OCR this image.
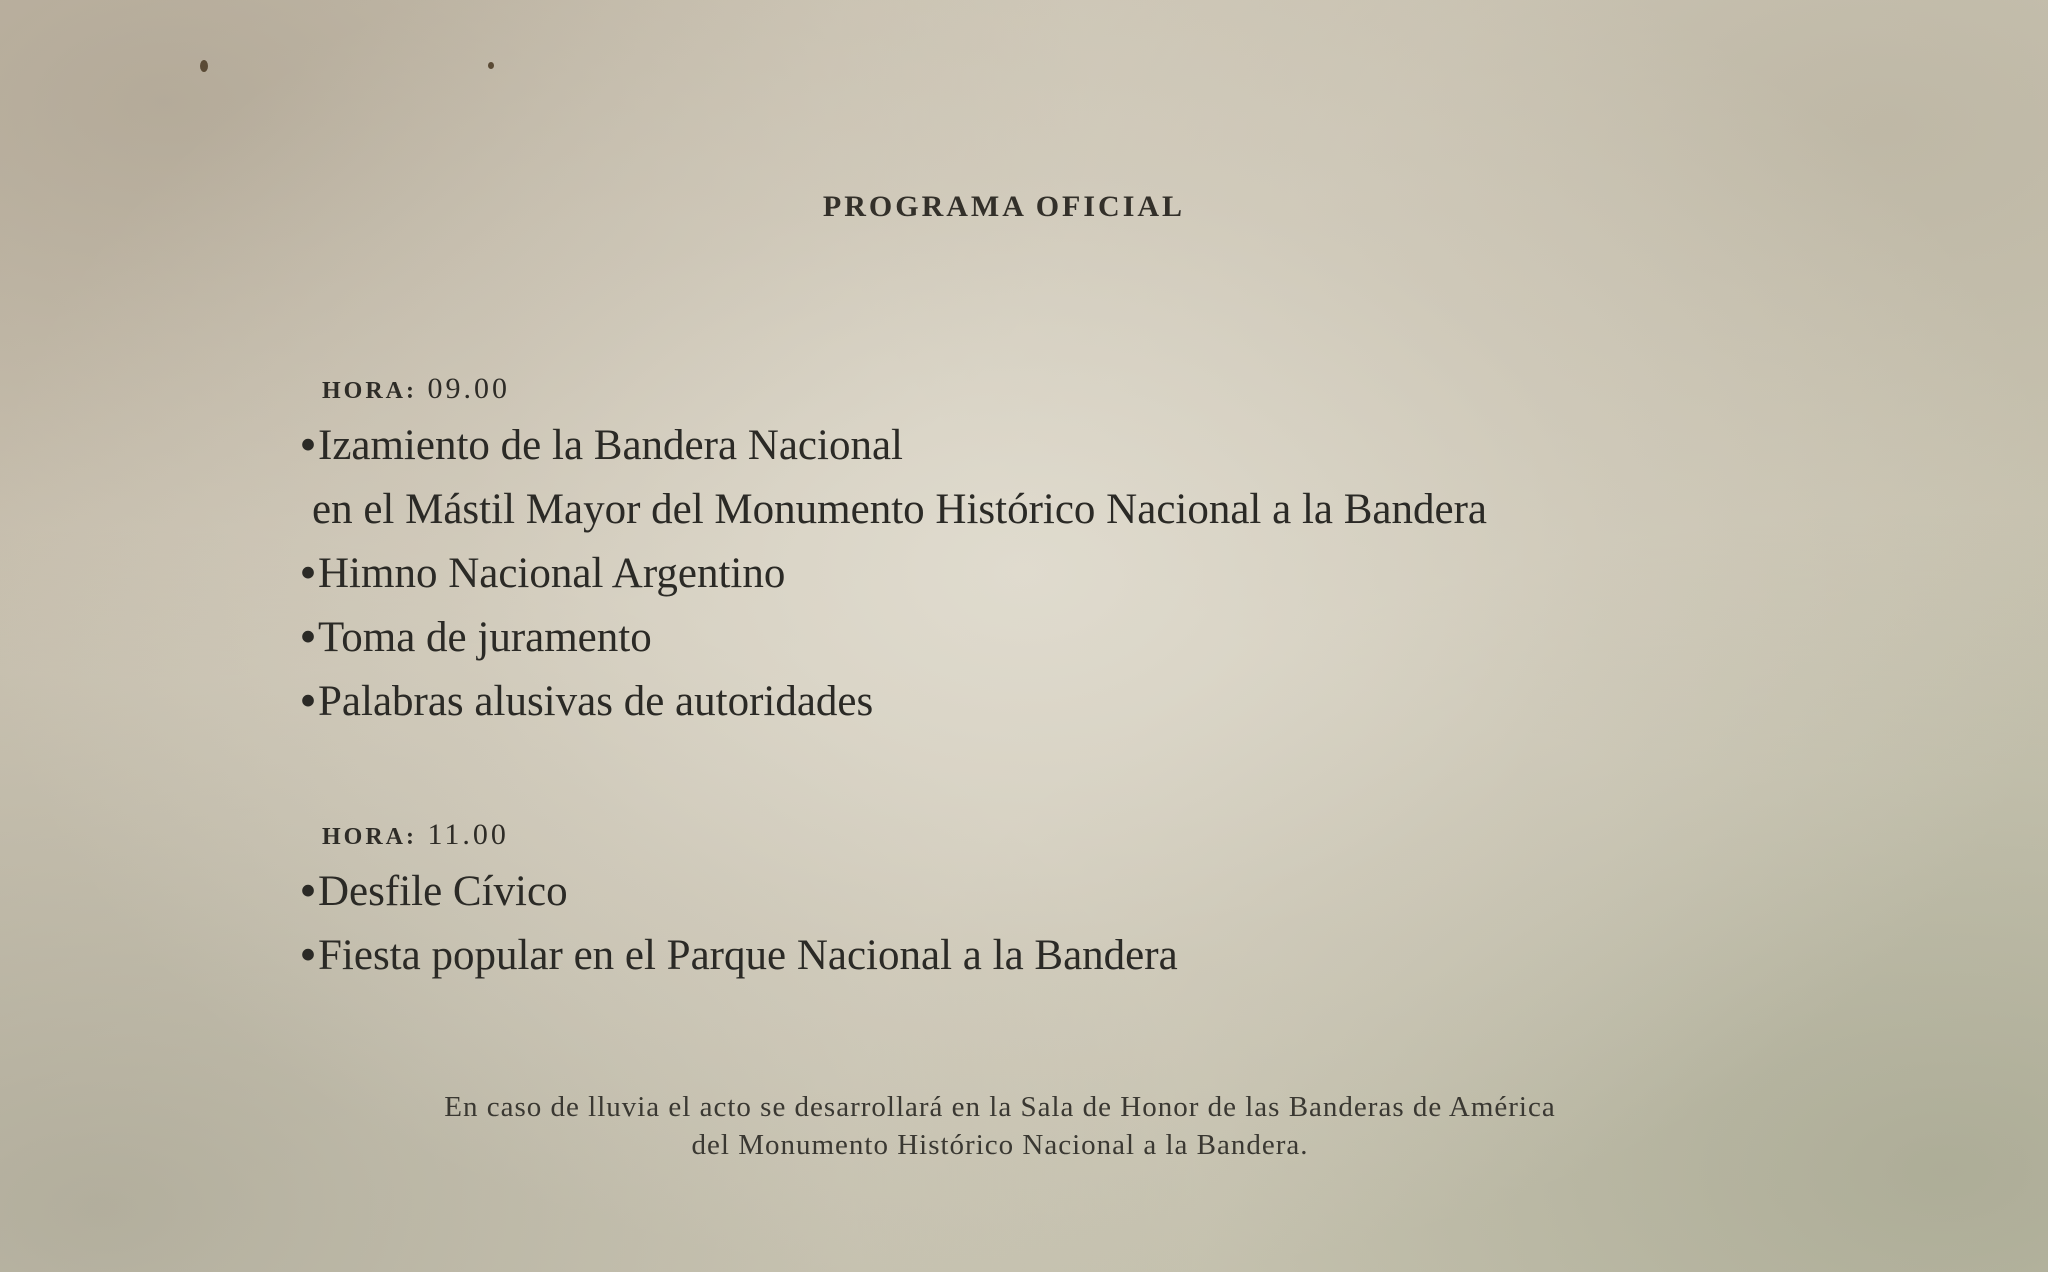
PROGRAMA OFICIAL
HORA: 09.00
•Izamiento de la Bandera Nacional
en el Mástil Mayor del Monumento Histórico Nacional a la Bandera
•Himno Nacional Argentino
•Toma de juramento
•Palabras alusivas de autoridades
HORA: 11.00
•Desfile Cívico
•Fiesta popular en el Parque Nacional a la Bandera
En caso de lluvia el acto se desarrollará en la Sala de Honor de las Banderas de América
del Monumento Histórico Nacional a la Bandera.
